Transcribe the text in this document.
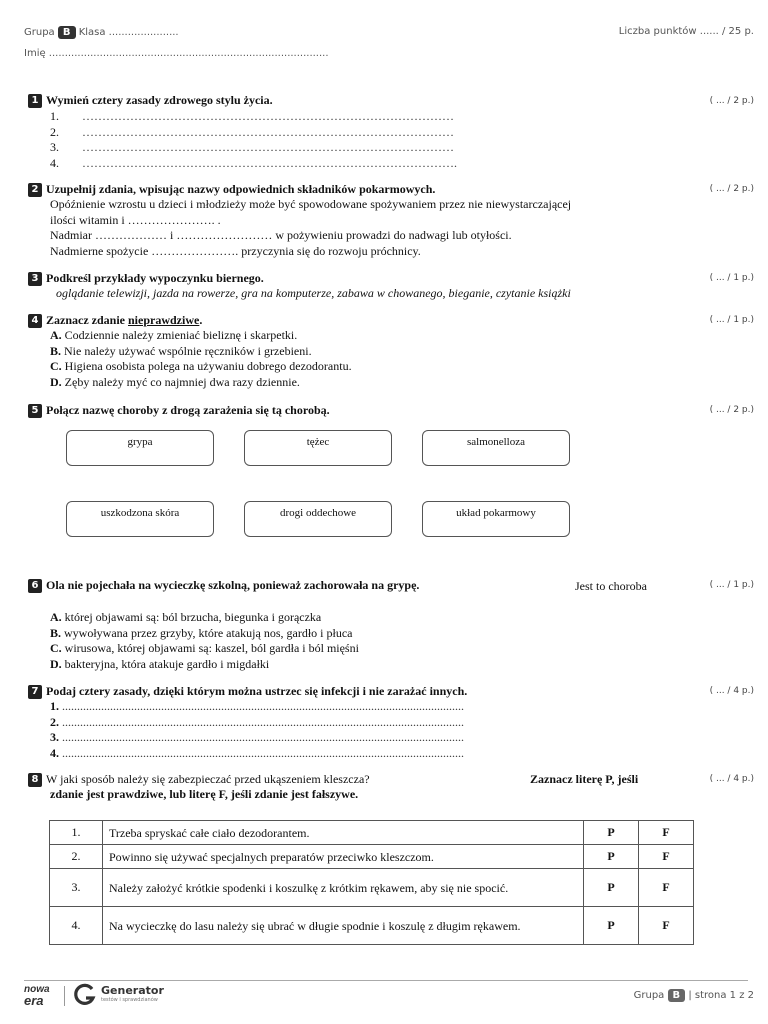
Grupa B Klasa ......................	Liczba punktów ...... / 25 p.
Imię ........................................................................................
1 Wymień cztery zasady zdrowego stylu życia.
1. …………………………………………………………………………………
2. …………………………………………………………………………………
3. …………………………………………………………………………………
4. ………………………………………………………………………………….
( ... / 2 p.)
2 Uzupełnij zdania, wpisując nazwy odpowiednich składników pokarmowych.
Opóźnienie wzrostu u dzieci i młodzieży może być spowodowane spożywaniem przez nie niewystarczającej
ilości witamin i …………………. .
Nadmiar ……………… i …………………… w pożywieniu prowadzi do nadwagi lub otyłości.
Nadmierne spożycie …………………. przyczynia się do rozwoju próchnicy.
( ... / 2 p.)
3 Podkreśl przykłady wypoczynku biernego.
oglądanie telewizji, jazda na rowerze, gra na komputerze, zabawa w chowanego, bieganie, czytanie książki
( ... / 1 p.)
4 Zaznacz zdanie nieprawdziwe.
A. Codziennie należy zmieniać bieliznę i skarpetki.
B. Nie należy używać wspólnie ręczników i grzebieni.
C. Higiena osobista polega na używaniu dobrego dezodorantu.
D. Zęby należy myć co najmniej dwa razy dziennie.
( ... / 1 p.)
5 Połącz nazwę choroby z drogą zarażenia się tą chorobą.	( ... / 2 p.)
grypa	tężec	salmonelloza
uszkodzona skóra	drogi oddechowe	układ pokarmowy
6 Ola nie pojechała na wycieczkę szkolną, ponieważ zachorowała na grypę.	Jest to choroba	( ... / 1 p.)
A. której objawami są: ból brzucha, biegunka i gorączka
B. wywoływana przez grzyby, które atakują nos, gardło i płuca
C. wirusowa, której objawami są: kaszel, ból gardła i ból mięśni
D. bakteryjna, która atakuje gardło i migdałki
7 Podaj cztery zasady, dzięki którym można ustrzec się infekcji i nie zarażać innych.
1. ......................................................................................................................................
2. ......................................................................................................................................
3. ......................................................................................................................................
4. ......................................................................................................................................
( ... / 4 p.)
8 W jaki sposób należy się zabezpieczać przed ukąszeniem kleszcza?	Zaznacz literę P, jeśli
zdanie jest prawdziwe, lub literę F, jeśli zdanie jest fałszywe.
( ... / 4 p.)
1.	Trzeba spryskać całe ciało dezodorantem.	P	F
2.	Powinno się używać specjalnych preparatów przeciwko kleszczom.	P	F
3.	Należy założyć krótkie spodenki i koszulkę z krótkim rękawem, aby się nie spocić.	P	F
4.	Na wycieczkę do lasu należy się ubrać w długie spodnie i koszulę z długim rękawem.	P	F
nowa
era
Generator
testów i sprawdzianów	Grupa B | strona 1 z 2
